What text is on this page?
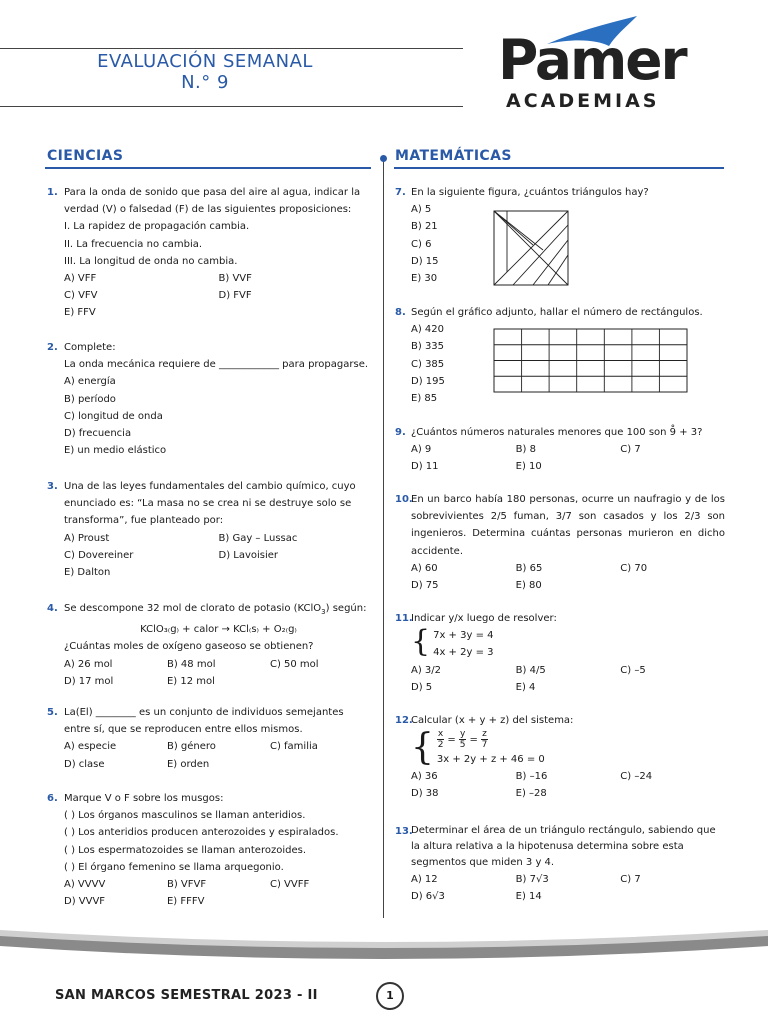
EVALUACIÓN SEMANAL
N.° 9	Pamer
ACADEMIAS
CIENCIAS	MATEMÁTICAS
1. Para la onda de sonido que pasa del aire al agua, indicar la verdad (V) o falsedad (F) de las siguientes proposiciones:
I. La rapidez de propagación cambia.
II. La frecuencia no cambia.
III. La longitud de onda no cambia.
A) VFF	B) VVF
C) VFV	D) FVF
E) FFV
2. Complete:
La onda mecánica requiere de ____________ para propagarse.
A) energía
B) período
C) longitud de onda
D) frecuencia
E) un medio elástico
3. Una de las leyes fundamentales del cambio químico, cuyo enunciado es: “La masa no se crea ni se destruye solo se transforma”, fue planteado por:
A) Proust	B) Gay – Lussac
C) Dovereiner	D) Lavoisier
E) Dalton
4. Se descompone 32 mol de clorato de potasio (KClO$_3$) según:
KClO₃₍g₎ + calor → KCl₍s₎ + O₂₍g₎
¿Cuántas moles de oxígeno gaseoso se obtienen?
A) 26 mol	B) 48 mol	C) 50 mol
D) 17 mol	E) 12 mol
5. La(El) ________ es un conjunto de individuos semejantes entre sí, que se reproducen entre ellos mismos.
A) especie	B) género	C) familia
D) clase	E) orden
6. Marque V o F sobre los musgos:
( ) Los órganos masculinos se llaman anteridios.
( ) Los anteridios producen anterozoides y espiralados.
( ) Los espermatozoides se llaman anterozoides.
( ) El órgano femenino se llama arquegonio.
A) VVVV	B) VFVF	C) VVFF
D) VVVF	E) FFFV
7. En la siguiente figura, ¿cuántos triángulos hay?
A) 5
B) 21
C) 6
D) 15
E) 30
8. Según el gráfico adjunto, hallar el número de rectángulos.
A) 420
B) 335
C) 385
D) 195
E) 85
9. ¿Cuántos números naturales menores que 100 son 9̊ + 3?
A) 9	B) 8	C) 7
D) 11	E) 10
10.
En un barco había 180 personas, ocurre un naufragio y de los sobrevivientes 2/5 fuman, 3/7 son casados y los 2/3 son ingenieros. Determina cuántas personas murieron en dicho accidente.
A) 60	B) 65	C) 70
D) 75	E) 80
11.
Indicar y/x luego de resolver:
{ 7x + 3y = 4
4x + 2y = 3
A) 3/2	B) 4/5	C) –5
D) 5	E) 4
12.
Calcular (x + y + z) del sistema:
{ $\frac{x}{2} = \frac{y}{5} = \frac{z}{7}$
3x + 2y + z + 46 = 0
A) 36	B) –16	C) –24
D) 38	E) –28
13.
Determinar el área de un triángulo rectángulo, sabiendo que la altura relativa a la hipotenusa determina sobre esta segmentos que miden 3 y 4.
A) 12	B) 7√3	C) 7
D) 6√3	E) 14
SAN MARCOS SEMESTRAL 2023 - II	1
